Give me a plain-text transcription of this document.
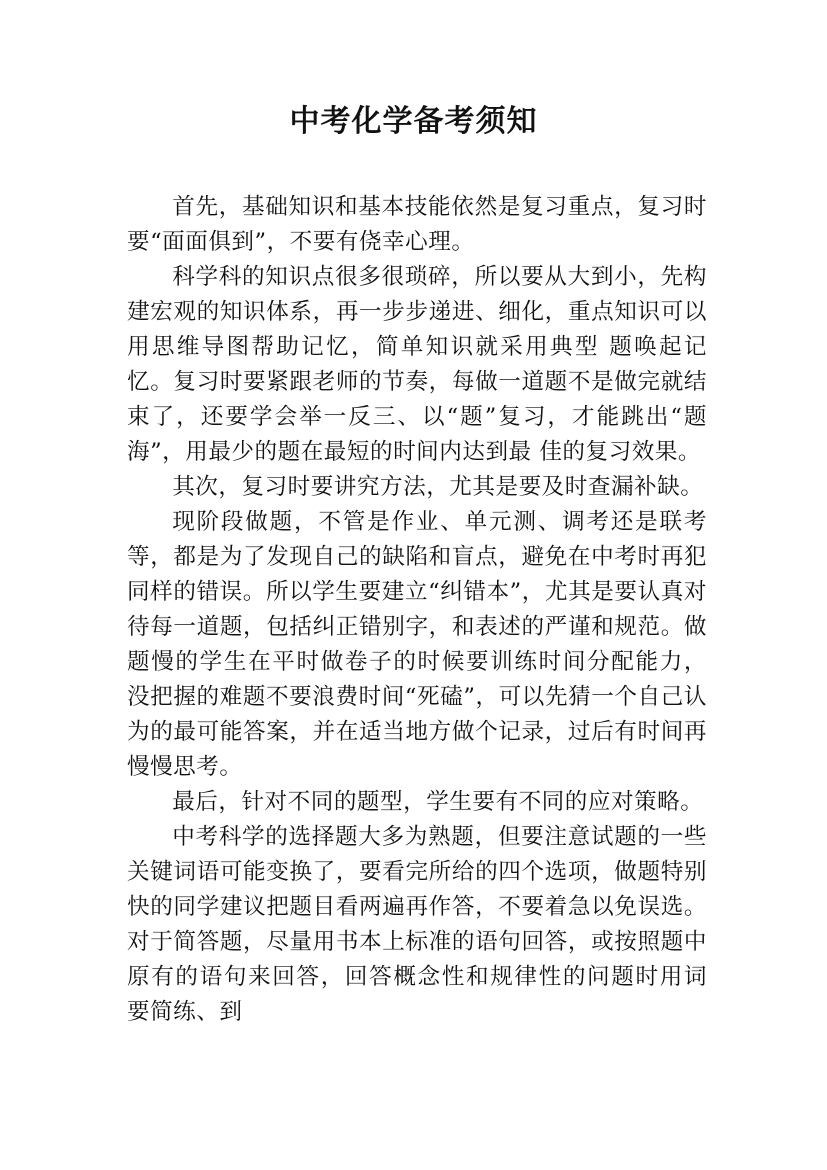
中考化学备考须知

首先，基础知识和基本技能依然是复习重点，复习时要“面面俱到”，不要有侥幸心理。

科学科的知识点很多很琐碎，所以要从大到小，先构建宏观的知识体系，再一步步递进、细化，重点知识可以用思维导图帮助记忆，简单知识就采用典型 题唤起记忆。复习时要紧跟老师的节奏，每做一道题不是做完就结束了，还要学会举一反三、以“题”复习，才能跳出“题海”，用最少的题在最短的时间内达到最 佳的复习效果。

其次，复习时要讲究方法，尤其是要及时查漏补缺。

现阶段做题，不管是作业、单元测、调考还是联考等，都是为了发现自己的缺陷和盲点，避免在中考时再犯同样的错误。所以学生要建立“纠错本”，尤其是要认真对待每一道题，包括纠正错别字，和表述的严谨和规范。做题慢的学生在平时做卷子的时候要训练时间分配能力， 没把握的难题不要浪费时间“死磕”，可以先猜一个自己认为的最可能答案，并在适当地方做个记录，过后有时间再慢慢思考。

最后，针对不同的题型，学生要有不同的应对策略。

中考科学的选择题大多为熟题，但要注意试题的一些关键词语可能变换了，要看完所给的四个选项，做题特别快的同学建议把题目看两遍再作答，不要着急以免误选。对于简答题，尽量用书本上标准的语句回答，或按照题中原有的语句来回答，回答概念性和规律性的问题时用词 要简练、到
